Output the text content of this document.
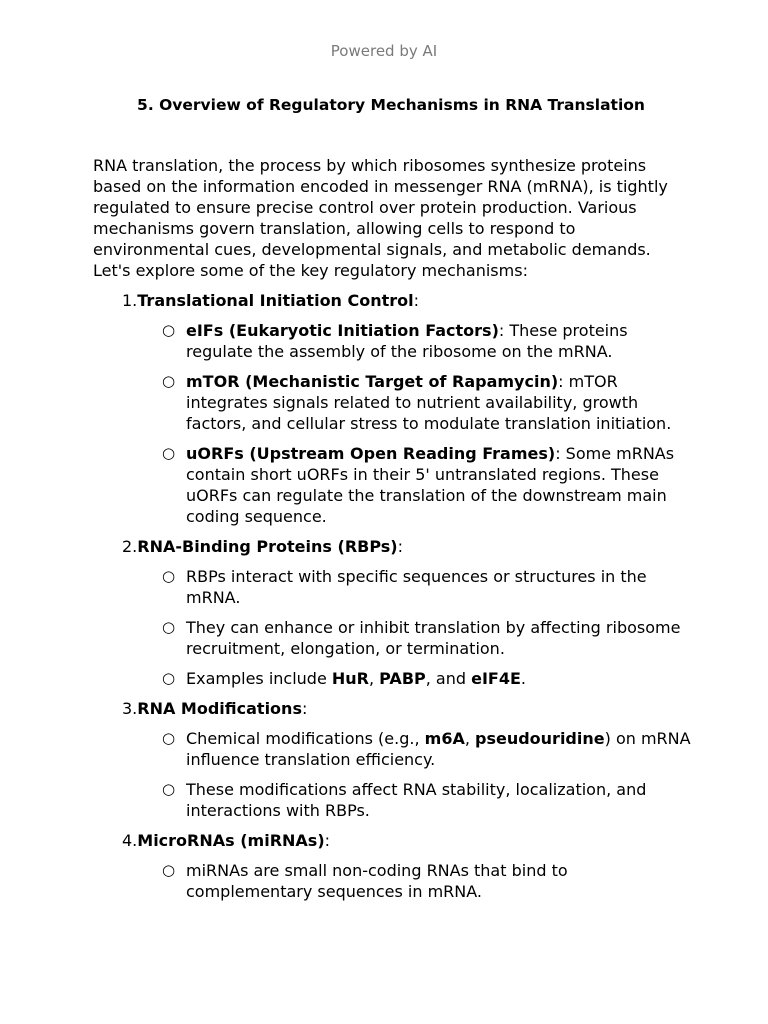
Powered by AI
5. Overview of Regulatory Mechanisms in RNA Translation

RNA translation, the process by which ribosomes synthesize proteins based on the information encoded in messenger RNA (mRNA), is tightly regulated to ensure precise control over protein production. Various mechanisms govern translation, allowing cells to respond to environmental cues, developmental signals, and metabolic demands. Let's explore some of the key regulatory mechanisms:

1.Translational Initiation Control:
○ eIFs (Eukaryotic Initiation Factors): These proteins regulate the assembly of the ribosome on the mRNA.
○ mTOR (Mechanistic Target of Rapamycin): mTOR integrates signals related to nutrient availability, growth factors, and cellular stress to modulate translation initiation.
○ uORFs (Upstream Open Reading Frames): Some mRNAs contain short uORFs in their 5' untranslated regions. These uORFs can regulate the translation of the downstream main coding sequence.
2.RNA-Binding Proteins (RBPs):
○ RBPs interact with specific sequences or structures in the mRNA.
○ They can enhance or inhibit translation by affecting ribosome recruitment, elongation, or termination.
○ Examples include HuR, PABP, and eIF4E.
3.RNA Modifications:
○ Chemical modifications (e.g., m6A, pseudouridine) on mRNA influence translation efficiency.
○ These modifications affect RNA stability, localization, and interactions with RBPs.
4.MicroRNAs (miRNAs):
○ miRNAs are small non-coding RNAs that bind to complementary sequences in mRNA.
